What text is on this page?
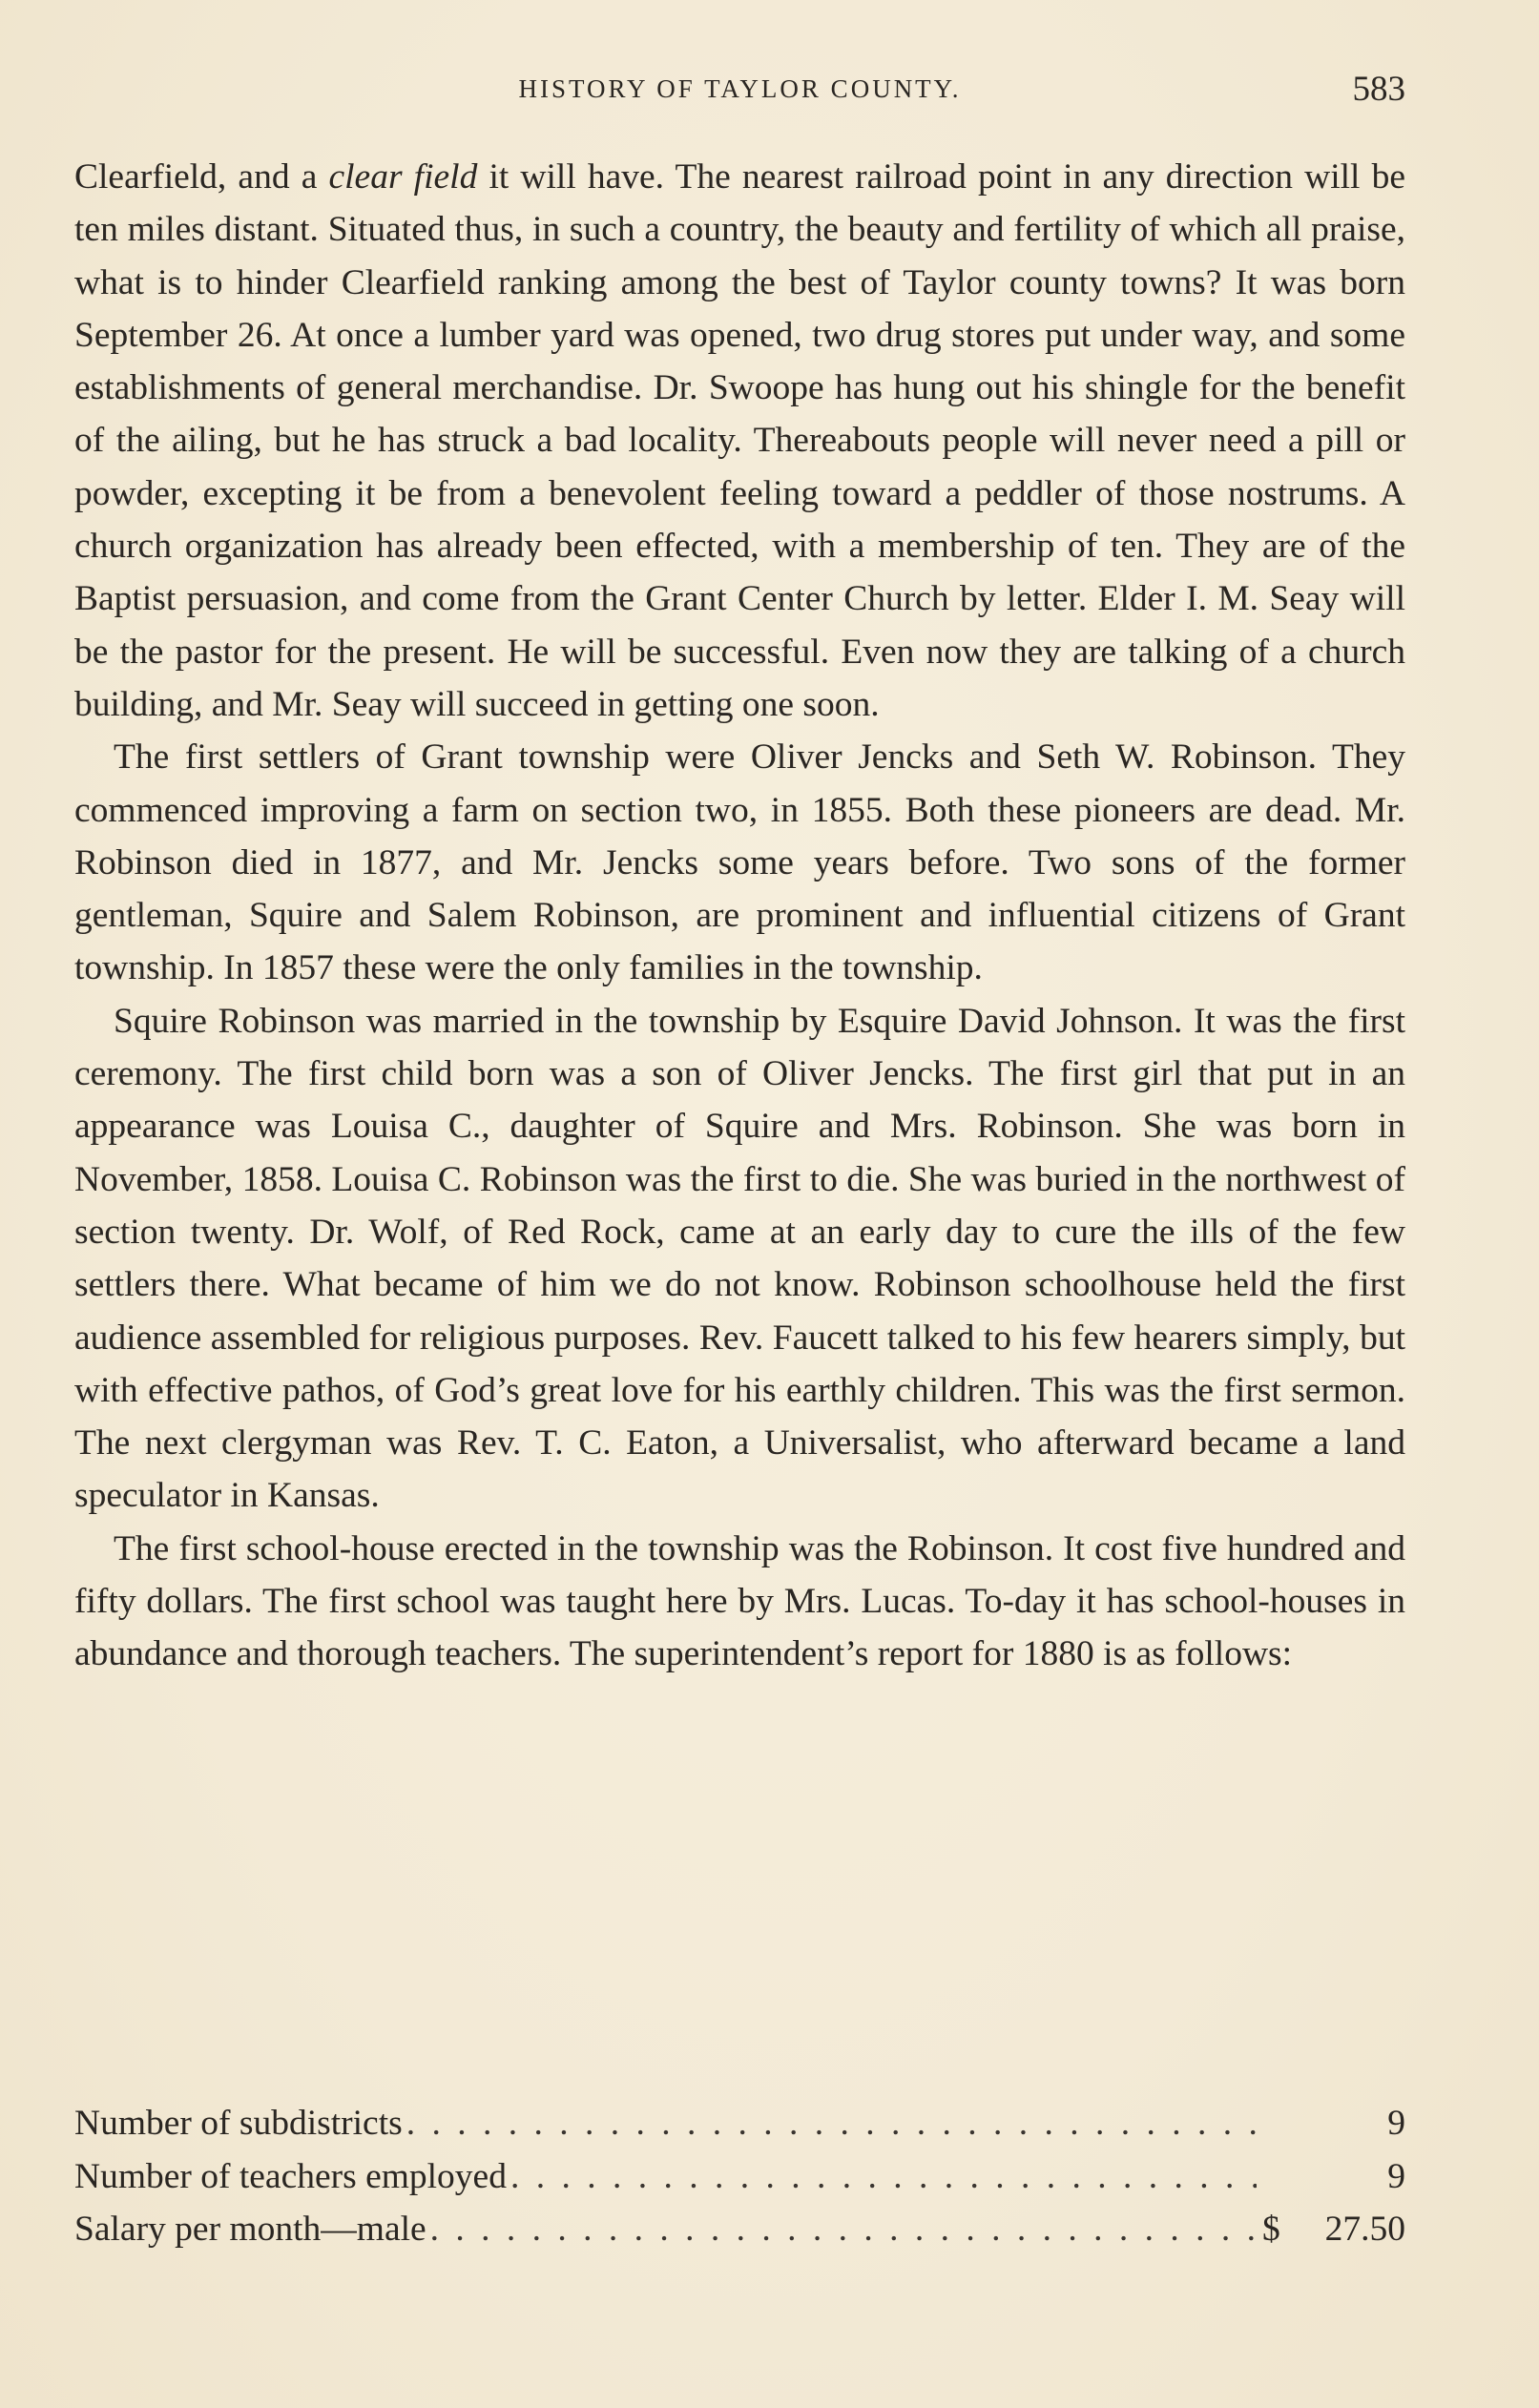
HISTORY OF TAYLOR COUNTY.	583

Clearfield, and a clear field it will have. The nearest railroad point in any direction will be ten miles distant. Situated thus, in such a country, the beauty and fertility of which all praise, what is to hinder Clearfield ranking among the best of Taylor county towns? It was born September 26. At once a lumber yard was opened, two drug stores put under way, and some establishments of general merchandise. Dr. Swoope has hung out his shingle for the benefit of the ailing, but he has struck a bad locality. Thereabouts people will never need a pill or powder, excepting it be from a benevolent feeling toward a peddler of those nostrums. A church organization has already been effected, with a membership of ten. They are of the Baptist persuasion, and come from the Grant Center Church by letter. Elder I. M. Seay will be the pastor for the present. He will be successful. Even now they are talking of a church building, and Mr. Seay will succeed in getting one soon.

The first settlers of Grant township were Oliver Jencks and Seth W. Robinson. They commenced improving a farm on section two, in 1855. Both these pioneers are dead. Mr. Robinson died in 1877, and Mr. Jencks some years before. Two sons of the former gentleman, Squire and Salem Robinson, are prominent and influential citizens of Grant township. In 1857 these were the only families in the township.

Squire Robinson was married in the township by Esquire David Johnson. It was the first ceremony. The first child born was a son of Oliver Jencks. The first girl that put in an appearance was Louisa C., daughter of Squire and Mrs. Robinson. She was born in November, 1858. Louisa C. Robinson was the first to die. She was buried in the northwest of section twenty. Dr. Wolf, of Red Rock, came at an early day to cure the ills of the few settlers there. What became of him we do not know. Robinson schoolhouse held the first audience assembled for religious purposes. Rev. Faucett talked to his few hearers simply, but with effective pathos, of God’s great love for his earthly children. This was the first sermon. The next clergyman was Rev. T. C. Eaton, a Universalist, who afterward became a land speculator in Kansas.

The first school-house erected in the township was the Robinson. It cost five hundred and fifty dollars. The first school was taught here by Mrs. Lucas. To-day it has school-houses in abundance and thorough teachers. The superintendent’s report for 1880 is as follows:

Number of subdistricts . . .	9
Number of teachers employed . . .	9
Salary per month—male . . .	$	27.50
